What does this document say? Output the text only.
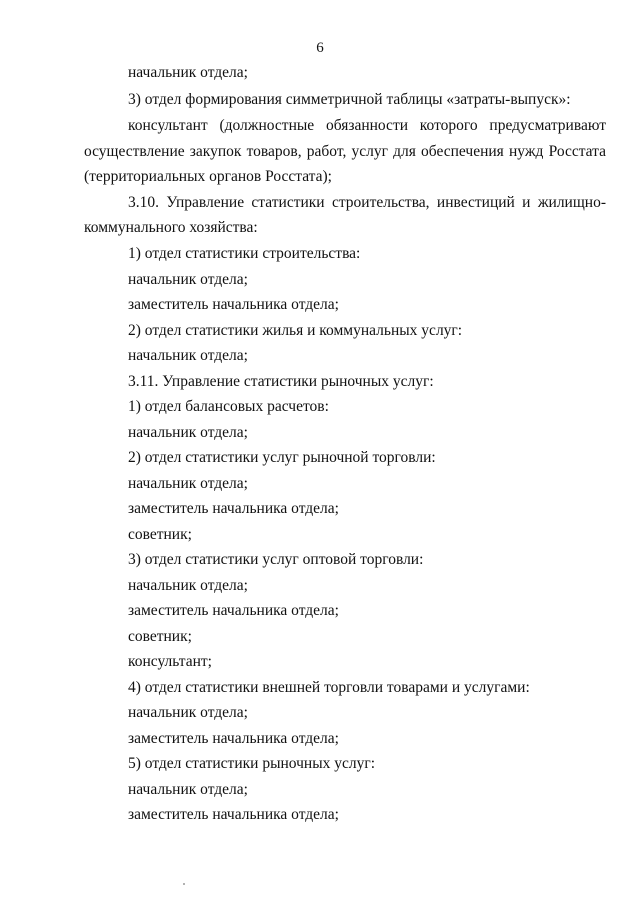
6
начальник отдела;
3) отдел формирования симметричной таблицы «затраты-выпуск»:
консультант (должностные обязанности которого предусматривают
осуществление закупок товаров, работ, услуг для обеспечения нужд Росстата
(территориальных органов Росстата);
3.10. Управление статистики строительства, инвестиций и жилищно-
коммунального хозяйства:
1) отдел статистики строительства:
начальник отдела;
заместитель начальника отдела;
2) отдел статистики жилья и коммунальных услуг:
начальник отдела;
3.11. Управление статистики рыночных услуг:
1) отдел балансовых расчетов:
начальник отдела;
2) отдел статистики услуг рыночной торговли:
начальник отдела;
заместитель начальника отдела;
советник;
3) отдел статистики услуг оптовой торговли:
начальник отдела;
заместитель начальника отдела;
советник;
консультант;
4) отдел статистики внешней торговли товарами и услугами:
начальник отдела;
заместитель начальника отдела;
5) отдел статистики рыночных услуг:
начальник отдела;
заместитель начальника отдела;
